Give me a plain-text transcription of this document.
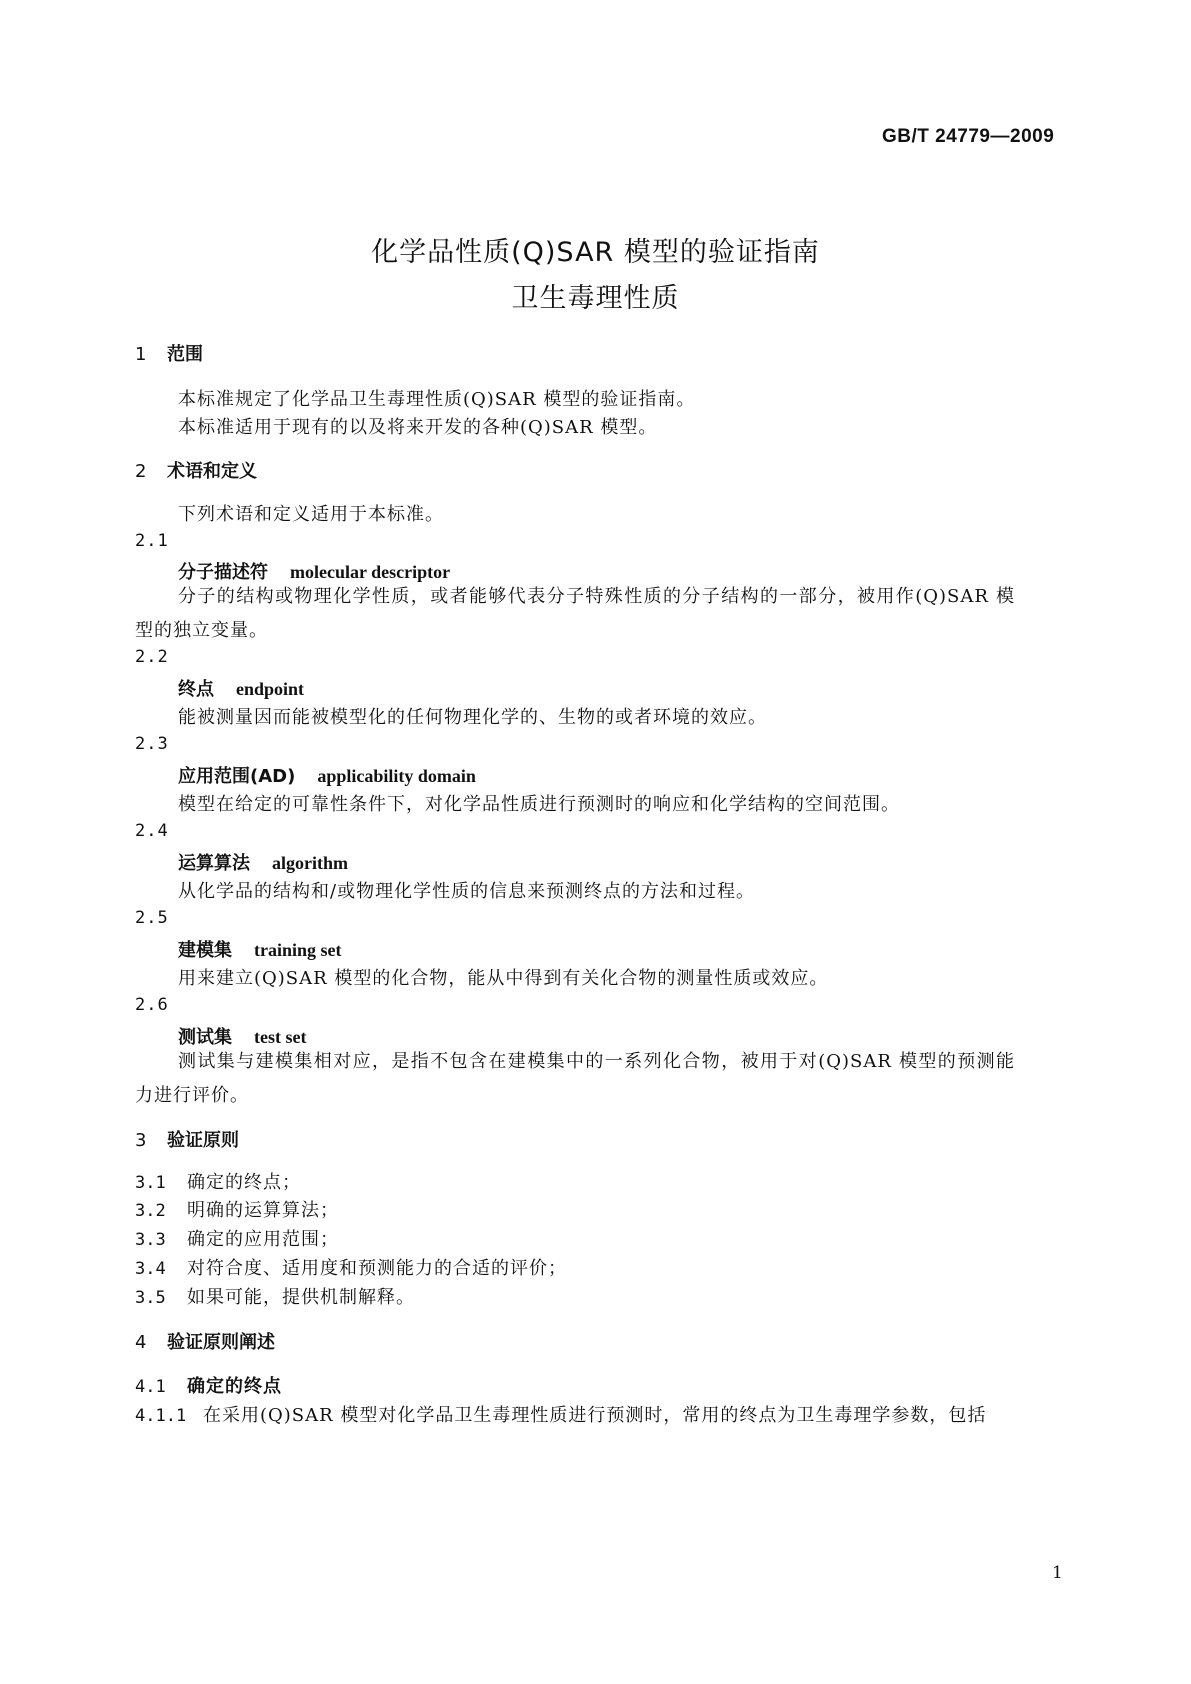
GB/T 24779—2009
化学品性质(Q)SAR 模型的验证指南
卫生毒理性质
1 范围
本标准规定了化学品卫生毒理性质(Q)SAR 模型的验证指南。
本标准适用于现有的以及将来开发的各种(Q)SAR 模型。
2 术语和定义
下列术语和定义适用于本标准。
2.1
分子描述符 molecular descriptor
分子的结构或物理化学性质，或者能够代表分子特殊性质的分子结构的一部分，被用作(Q)SAR 模型的独立变量。
2.2
终点 endpoint
能被测量因而能被模型化的任何物理化学的、生物的或者环境的效应。
2.3
应用范围(AD) applicability domain
模型在给定的可靠性条件下，对化学品性质进行预测时的响应和化学结构的空间范围。
2.4
运算算法 algorithm
从化学品的结构和/或物理化学性质的信息来预测终点的方法和过程。
2.5
建模集 training set
用来建立(Q)SAR 模型的化合物，能从中得到有关化合物的测量性质或效应。
2.6
测试集 test set
测试集与建模集相对应，是指不包含在建模集中的一系列化合物，被用于对(Q)SAR 模型的预测能力进行评价。
3 验证原则
3.1 确定的终点；
3.2 明确的运算算法；
3.3 确定的应用范围；
3.4 对符合度、适用度和预测能力的合适的评价；
3.5 如果可能，提供机制解释。
4 验证原则阐述
4.1 确定的终点
4.1.1 在采用(Q)SAR 模型对化学品卫生毒理性质进行预测时，常用的终点为卫生毒理学参数，包括
1
